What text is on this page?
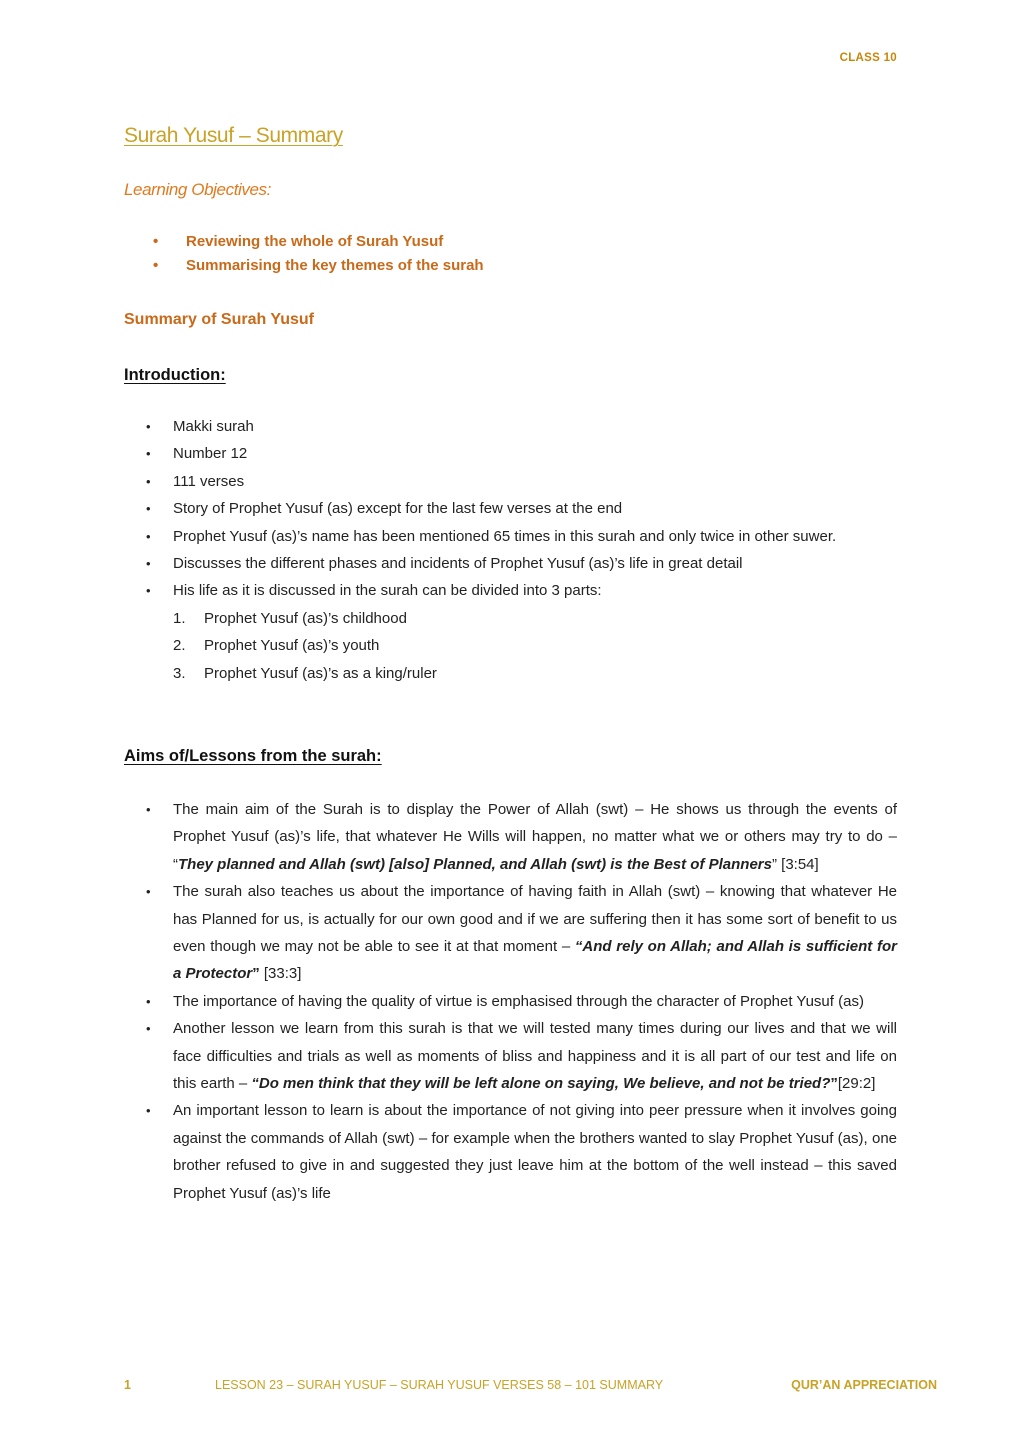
CLASS 10
Surah Yusuf – Summary
Learning Objectives:
• Reviewing the whole of Surah Yusuf
• Summarising the key themes of the surah
Summary of Surah Yusuf
Introduction:
• Makki surah
• Number 12
• 111 verses
• Story of Prophet Yusuf (as) except for the last few verses at the end
• Prophet Yusuf (as)’s name has been mentioned 65 times in this surah and only twice in other suwer.
• Discusses the different phases and incidents of Prophet Yusuf (as)’s life in great detail
• His life as it is discussed in the surah can be divided into 3 parts:
1. Prophet Yusuf (as)’s childhood
2. Prophet Yusuf (as)’s youth
3. Prophet Yusuf (as)’s as a king/ruler
Aims of/Lessons from the surah:
• The main aim of the Surah is to display the Power of Allah (swt) – He shows us through the events of Prophet Yusuf (as)’s life, that whatever He Wills will happen, no matter what we or others may try to do – “They planned and Allah (swt) [also] Planned, and Allah (swt) is the Best of Planners” [3:54]
• The surah also teaches us about the importance of having faith in Allah (swt) – knowing that whatever He has Planned for us, is actually for our own good and if we are suffering then it has some sort of benefit to us even though we may not be able to see it at that moment – “And rely on Allah; and Allah is sufficient for a Protector” [33:3]
• The importance of having the quality of virtue is emphasised through the character of Prophet Yusuf (as)
• Another lesson we learn from this surah is that we will tested many times during our lives and that we will face difficulties and trials as well as moments of bliss and happiness and it is all part of our test and life on this earth – “Do men think that they will be left alone on saying, We believe, and not be tried?”[29:2]
• An important lesson to learn is about the importance of not giving into peer pressure when it involves going against the commands of Allah (swt) – for example when the brothers wanted to slay Prophet Yusuf (as), one brother refused to give in and suggested they just leave him at the bottom of the well instead – this saved Prophet Yusuf (as)’s life
1	LESSON 23 – SURAH YUSUF – SURAH YUSUF VERSES 58 – 101 SUMMARY	QUR’AN APPRECIATION
